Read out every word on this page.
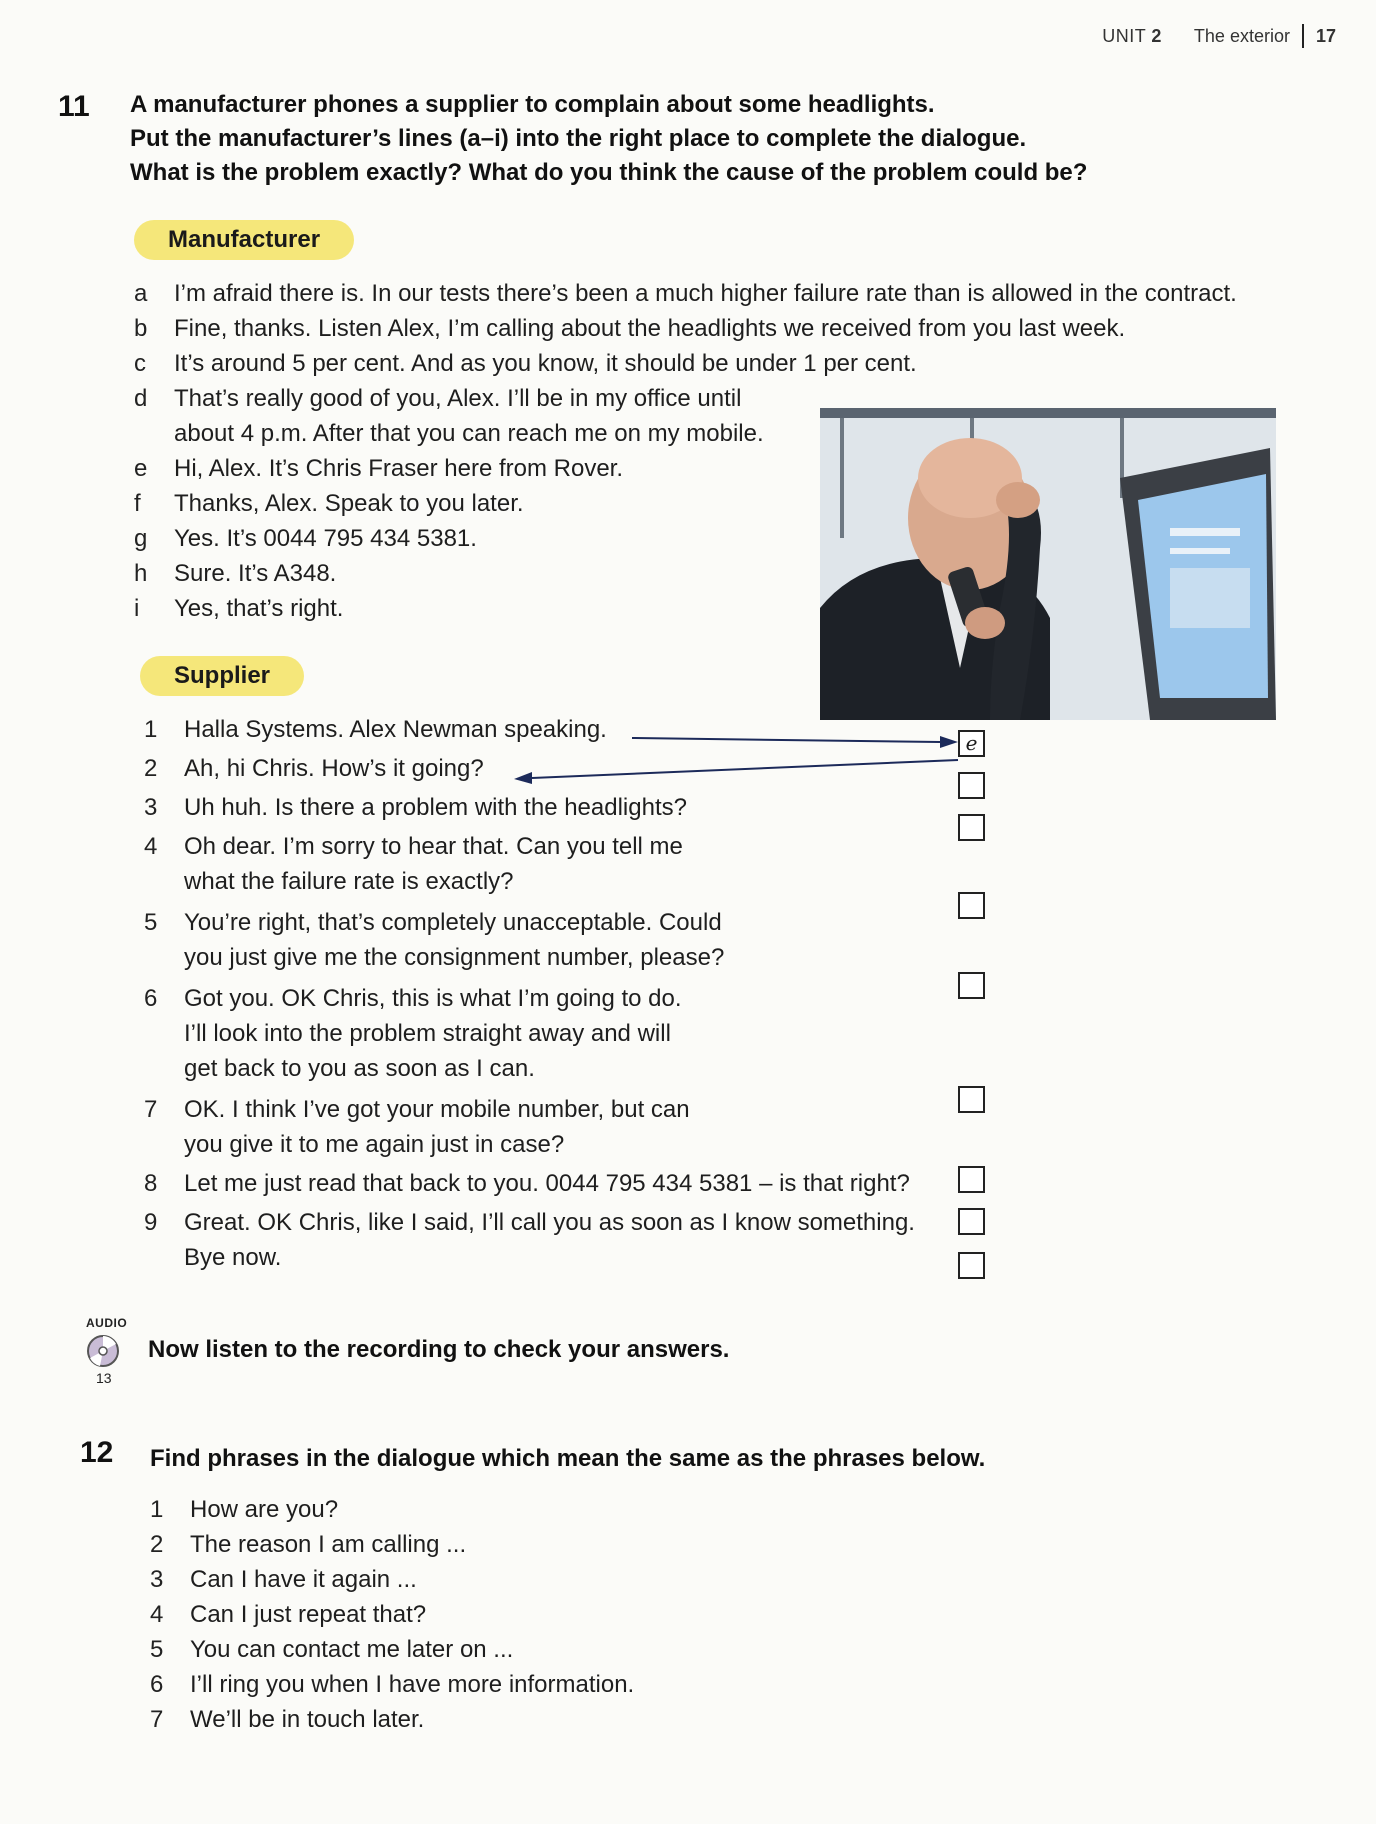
UNIT 2 The exterior 17
11 A manufacturer phones a supplier to complain about some headlights.
Put the manufacturer’s lines (a–i) into the right place to complete the dialogue.
What is the problem exactly? What do you think the cause of the problem could be?
Manufacturer
a	I’m afraid there is. In our tests there’s been a much higher failure rate than is allowed in the contract.
b	Fine, thanks. Listen Alex, I’m calling about the headlights we received from you last week.
c	It’s around 5 per cent. And as you know, it should be under 1 per cent.
d	That’s really good of you, Alex. I’ll be in my office until
about 4 p.m. After that you can reach me on my mobile.
e	Hi, Alex. It’s Chris Fraser here from Rover.
f	Thanks, Alex. Speak to you later.
g	Yes. It’s 0044 795 434 5381.
h	Sure. It’s A348.
i	Yes, that’s right.
Supplier
1	Halla Systems. Alex Newman speaking.
2	Ah, hi Chris. How’s it going?
3	Uh huh. Is there a problem with the headlights?
4	Oh dear. I’m sorry to hear that. Can you tell me
what the failure rate is exactly?
5	You’re right, that’s completely unacceptable. Could
you just give me the consignment number, please?
6	Got you. OK Chris, this is what I’m going to do.
I’ll look into the problem straight away and will
get back to you as soon as I can.
7	OK. I think I’ve got your mobile number, but can
you give it to me again just in case?
8	Let me just read that back to you. 0044 795 434 5381 – is that right?
9	Great. OK Chris, like I said, I’ll call you as soon as I know something.
Bye now.
e
AUDIO
13
Now listen to the recording to check your answers.
12 Find phrases in the dialogue which mean the same as the phrases below.
1	How are you?
2	The reason I am calling ...
3	Can I have it again ...
4	Can I just repeat that?
5	You can contact me later on ...
6	I’ll ring you when I have more information.
7	We’ll be in touch later.
